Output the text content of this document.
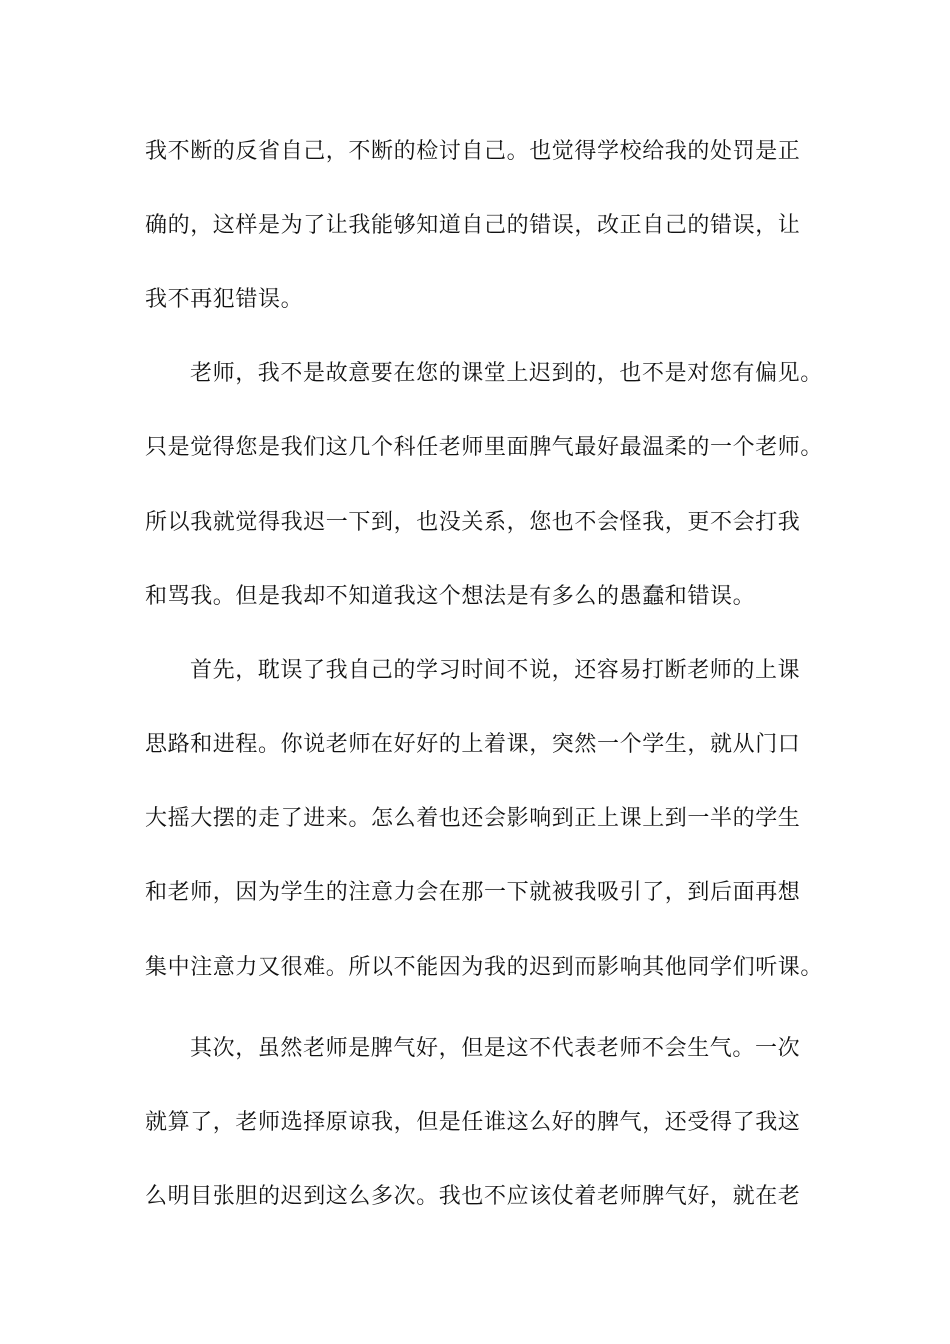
我不断的反省自己，不断的检讨自己。也觉得学校给我的处罚是正
确的，这样是为了让我能够知道自己的错误，改正自己的错误，让
我不再犯错误。
老师，我不是故意要在您的课堂上迟到的，也不是对您有偏见。
只是觉得您是我们这几个科任老师里面脾气最好最温柔的一个老师。
所以我就觉得我迟一下到，也没关系，您也不会怪我，更不会打我
和骂我。但是我却不知道我这个想法是有多么的愚蠢和错误。
首先，耽误了我自己的学习时间不说，还容易打断老师的上课
思路和进程。你说老师在好好的上着课，突然一个学生，就从门口
大摇大摆的走了进来。怎么着也还会影响到正上课上到一半的学生
和老师，因为学生的注意力会在那一下就被我吸引了，到后面再想
集中注意力又很难。所以不能因为我的迟到而影响其他同学们听课。
其次，虽然老师是脾气好，但是这不代表老师不会生气。一次
就算了，老师选择原谅我，但是任谁这么好的脾气，还受得了我这
么明目张胆的迟到这么多次。我也不应该仗着老师脾气好，就在老
